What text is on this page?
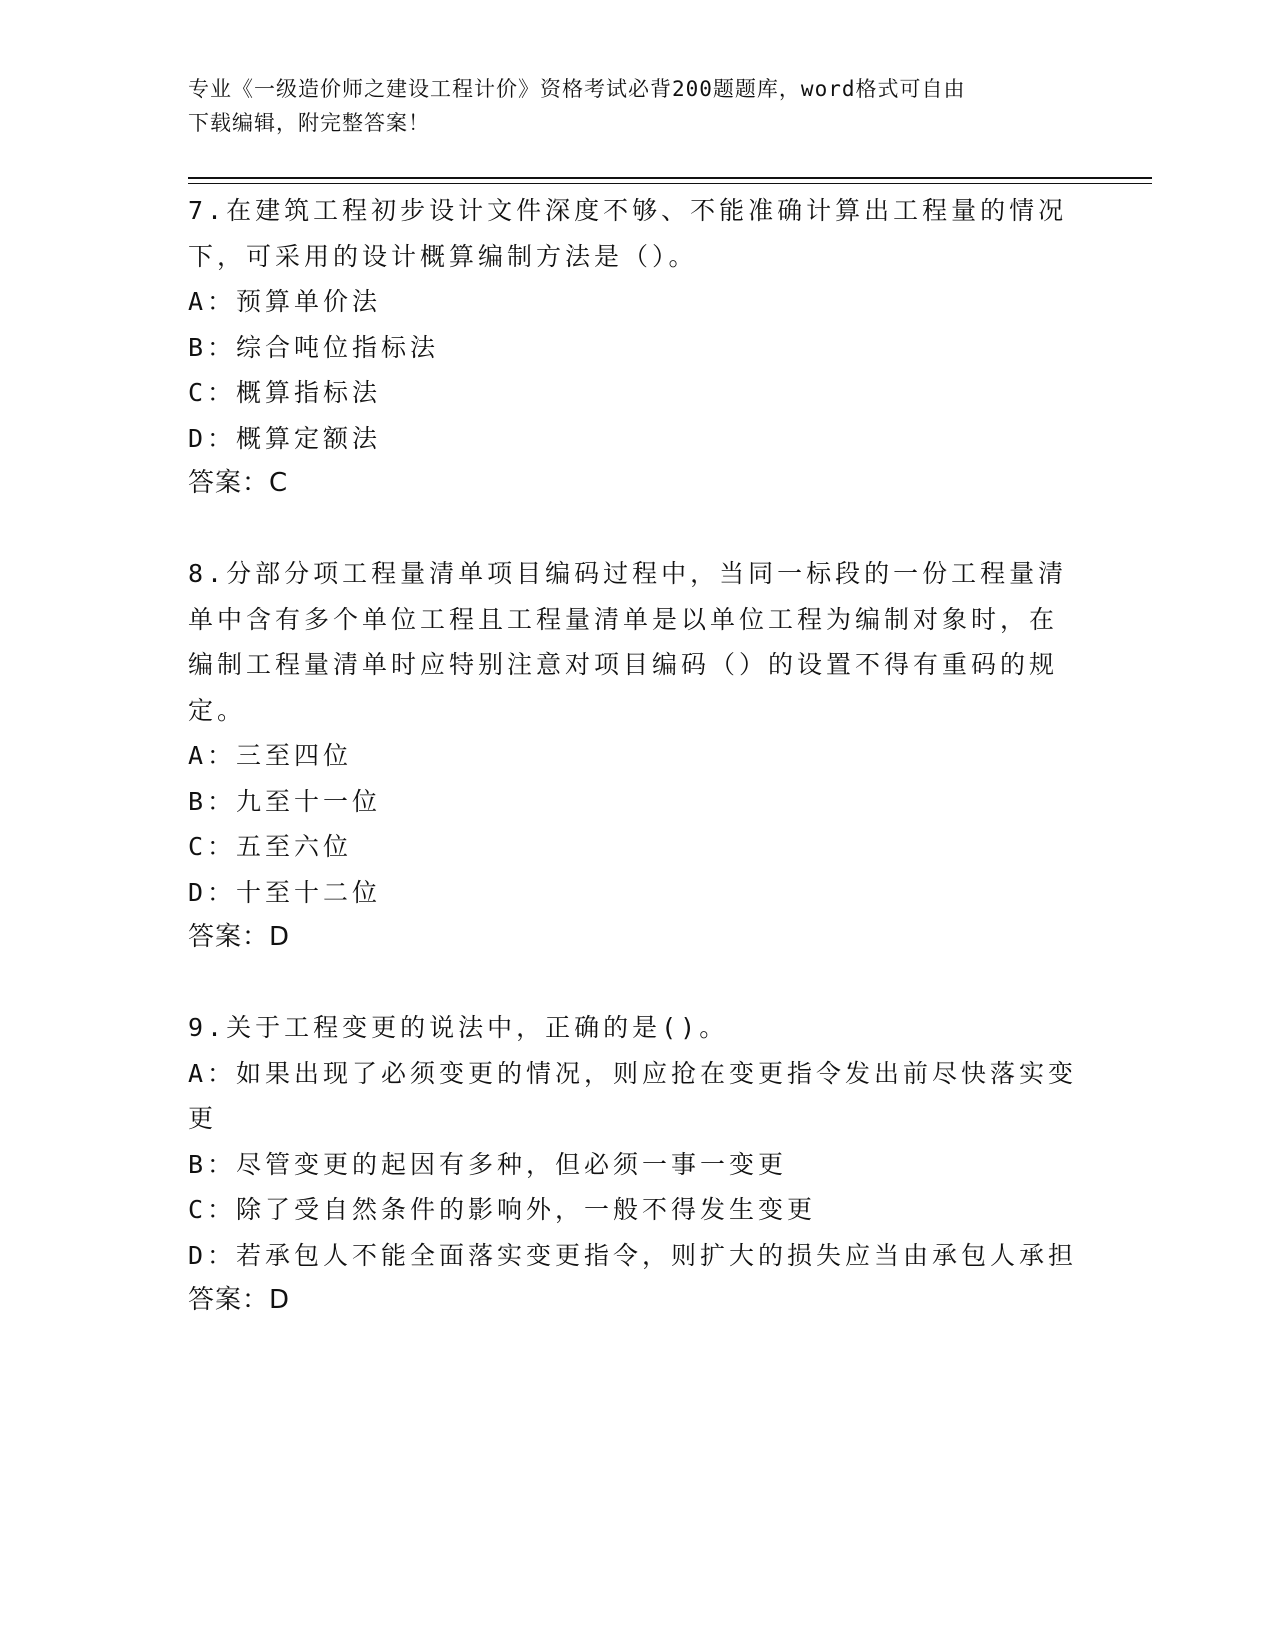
专业《一级造价师之建设工程计价》资格考试必背200题题库，word格式可自由
下载编辑，附完整答案！
7.在建筑工程初步设计文件深度不够、不能准确计算出工程量的情况
下，可采用的设计概算编制方法是（）。
A：预算单价法
B：综合吨位指标法
C：概算指标法
D：概算定额法
答案：C
8.分部分项工程量清单项目编码过程中，当同一标段的一份工程量清
单中含有多个单位工程且工程量清单是以单位工程为编制对象时，在
编制工程量清单时应特别注意对项目编码（）的设置不得有重码的规
定。
A：三至四位
B：九至十一位
C：五至六位
D：十至十二位
答案：D
9.关于工程变更的说法中，正确的是()。
A：如果出现了必须变更的情况，则应抢在变更指令发出前尽快落实变
更
B：尽管变更的起因有多种，但必须一事一变更
C：除了受自然条件的影响外，一般不得发生变更
D：若承包人不能全面落实变更指令，则扩大的损失应当由承包人承担
答案：D
